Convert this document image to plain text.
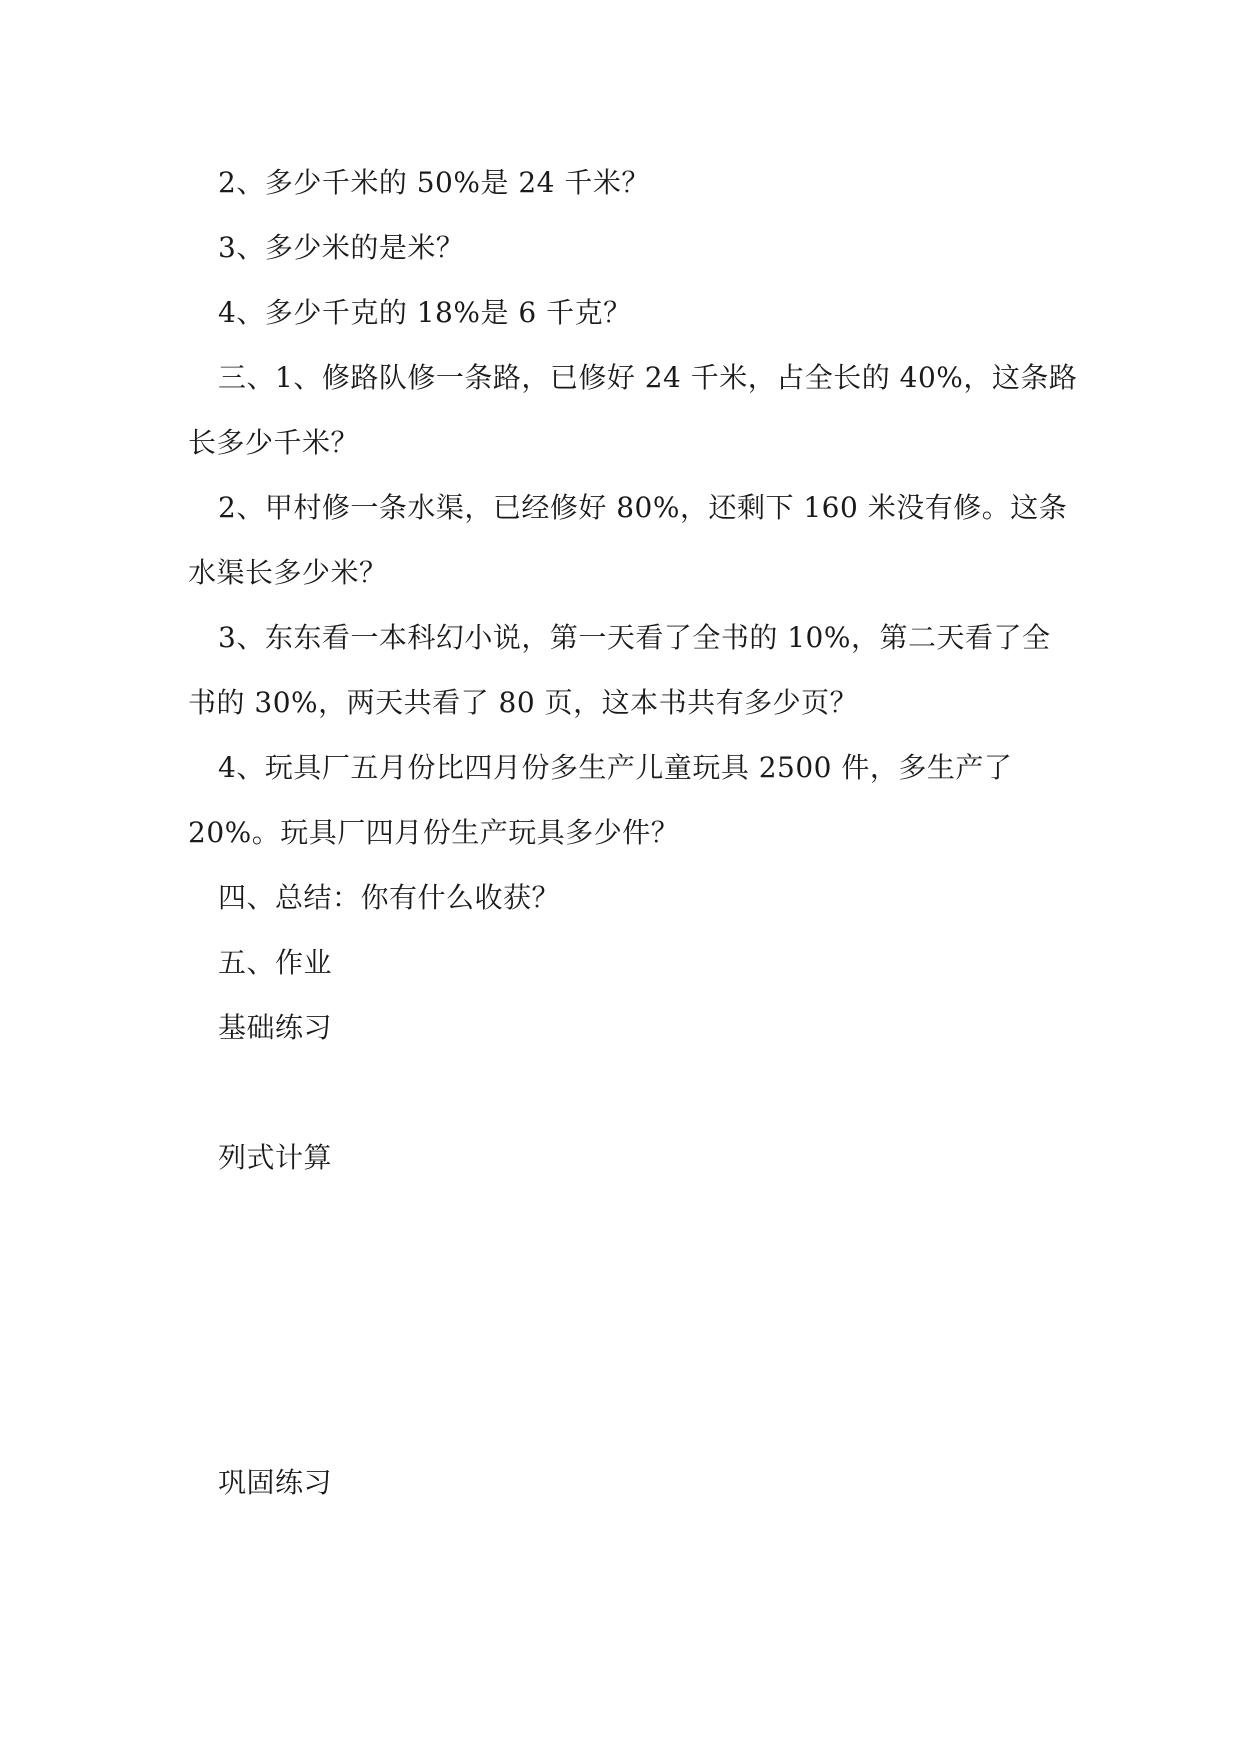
2、多少千米的 50%是 24 千米？
3、多少米的是米？
4、多少千克的 18%是 6 千克？
三、1、修路队修一条路，已修好 24 千米，占全长的 40%，这条路
长多少千米？
2、甲村修一条水渠，已经修好 80%，还剩下 160 米没有修。这条
水渠长多少米？
3、东东看一本科幻小说，第一天看了全书的 10%，第二天看了全
书的 30%，两天共看了 80 页，这本书共有多少页？
4、玩具厂五月份比四月份多生产儿童玩具 2500 件，多生产了
20%。玩具厂四月份生产玩具多少件？
四、总结：你有什么收获？
五、作业
基础练习
列式计算
巩固练习
